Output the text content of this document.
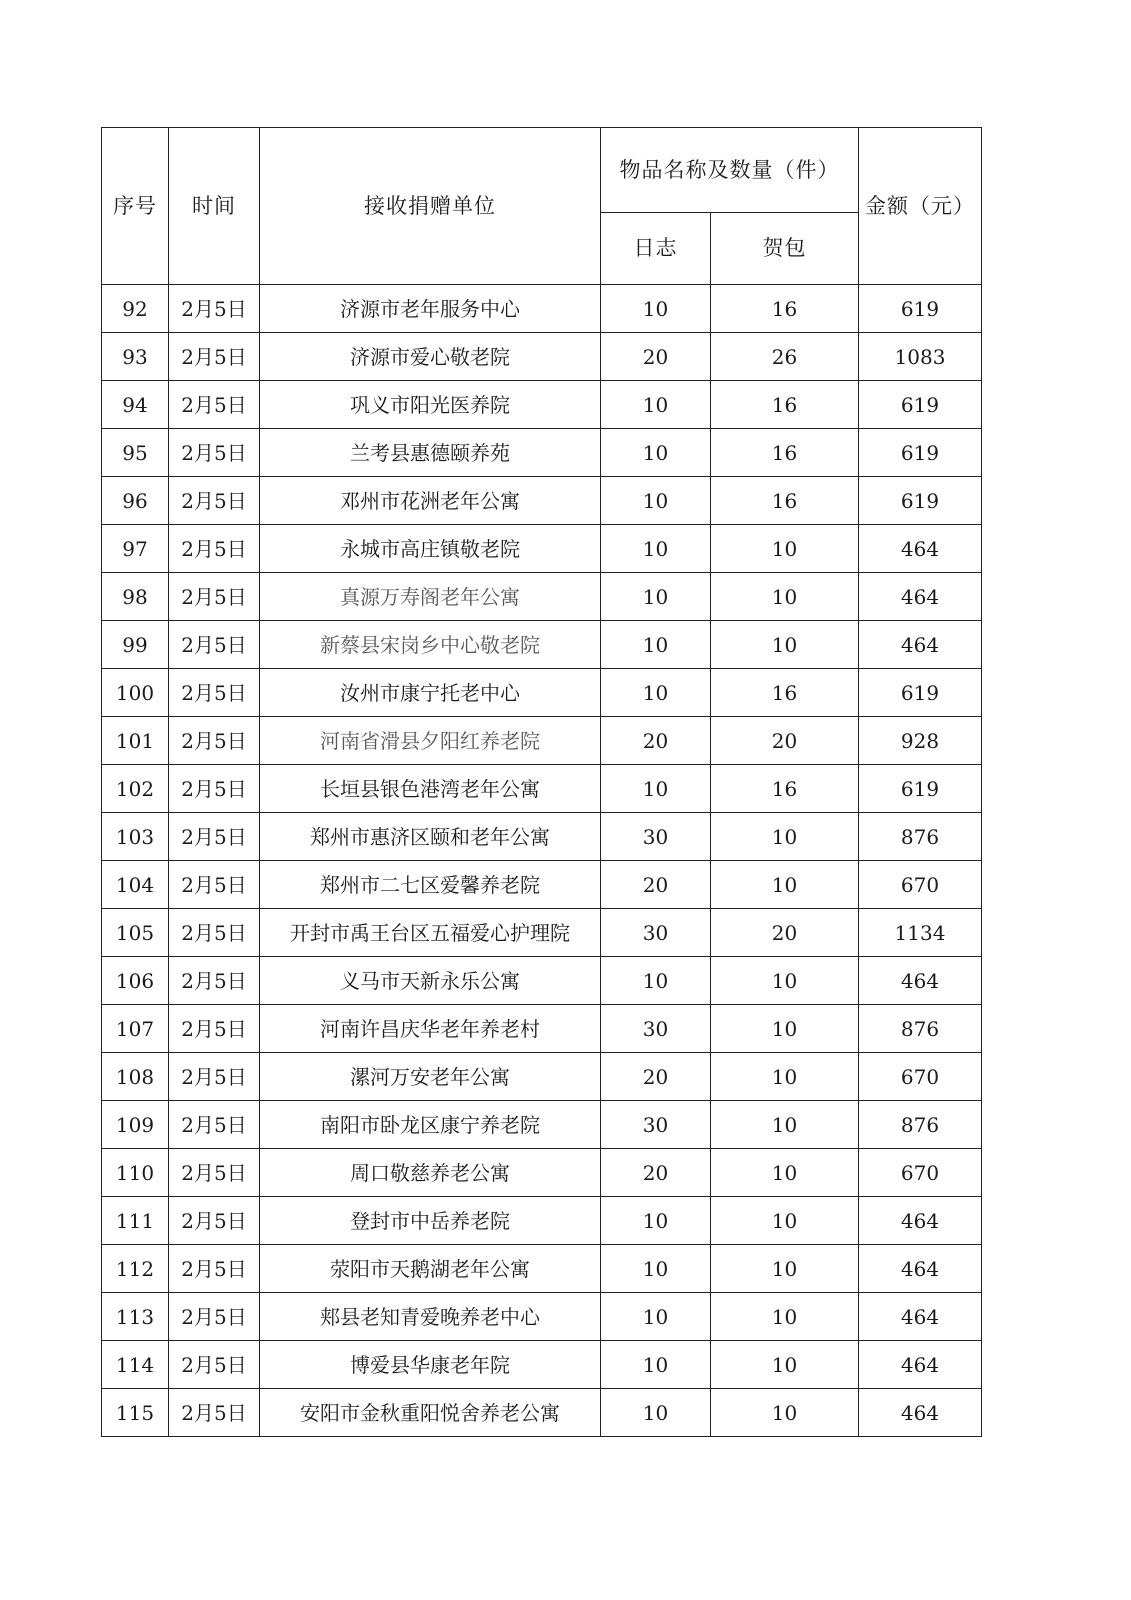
序号	时间	接收捐赠单位	物品名称及数量（件）		金额（元）
			日志	贺包	
92	2月5日	济源市老年服务中心	10	16	619
93	2月5日	济源市爱心敬老院	20	26	1083
94	2月5日	巩义市阳光医养院	10	16	619
95	2月5日	兰考县惠德颐养苑	10	16	619
96	2月5日	邓州市花洲老年公寓	10	16	619
97	2月5日	永城市高庄镇敬老院	10	10	464
98	2月5日	真源万寿阁老年公寓	10	10	464
99	2月5日	新蔡县宋岗乡中心敬老院	10	10	464
100	2月5日	汝州市康宁托老中心	10	16	619
101	2月5日	河南省滑县夕阳红养老院	20	20	928
102	2月5日	长垣县银色港湾老年公寓	10	16	619
103	2月5日	郑州市惠济区颐和老年公寓	30	10	876
104	2月5日	郑州市二七区爱馨养老院	20	10	670
105	2月5日	开封市禹王台区五福爱心护理院	30	20	1134
106	2月5日	义马市天新永乐公寓	10	10	464
107	2月5日	河南许昌庆华老年养老村	30	10	876
108	2月5日	漯河万安老年公寓	20	10	670
109	2月5日	南阳市卧龙区康宁养老院	30	10	876
110	2月5日	周口敬慈养老公寓	20	10	670
111	2月5日	登封市中岳养老院	10	10	464
112	2月5日	荥阳市天鹅湖老年公寓	10	10	464
113	2月5日	郏县老知青爱晚养老中心	10	10	464
114	2月5日	博爱县华康老年院	10	10	464
115	2月5日	安阳市金秋重阳悦舍养老公寓	10	10	464
